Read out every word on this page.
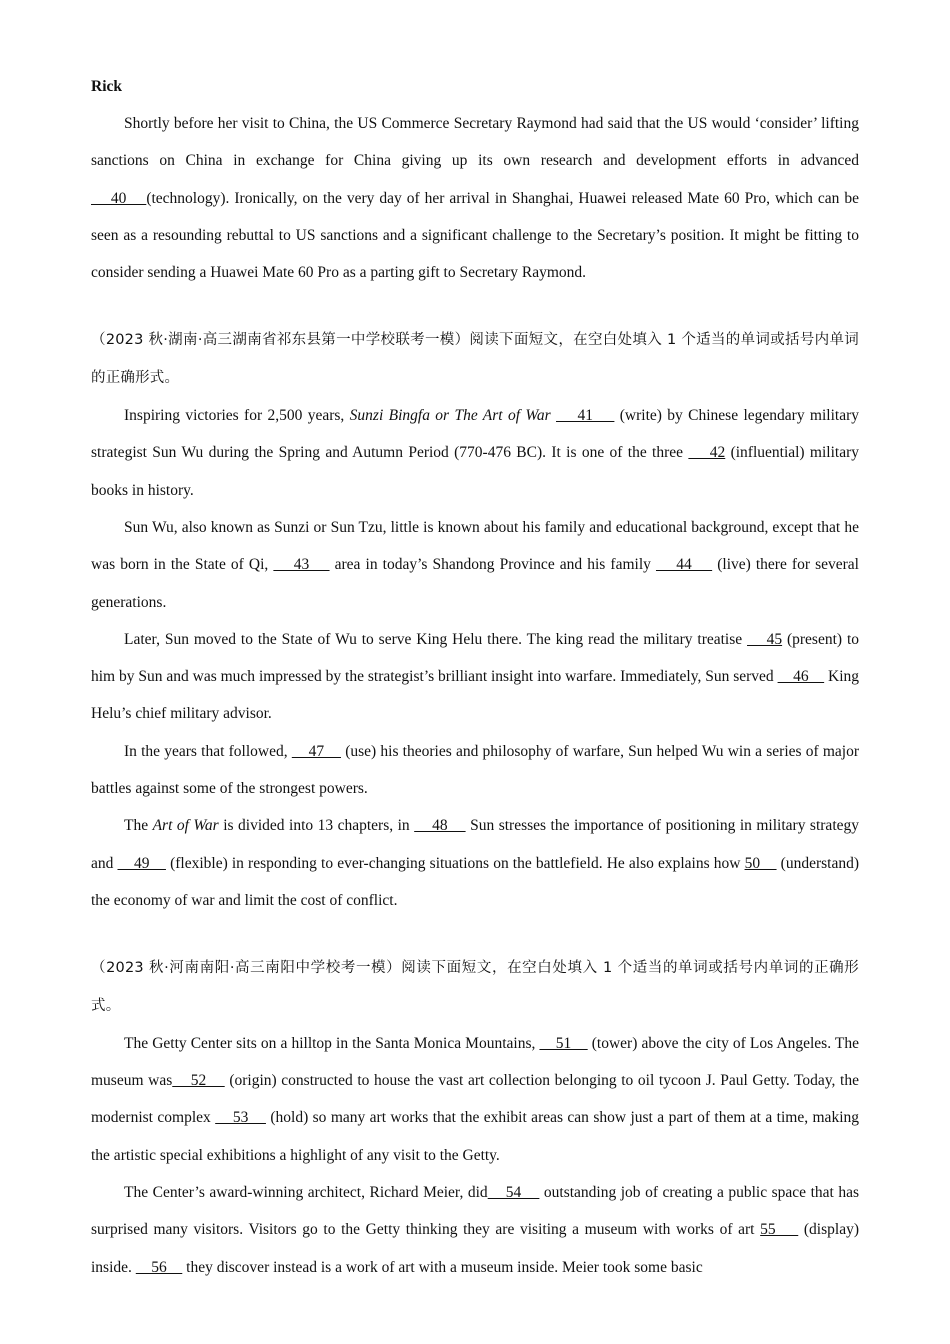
Rick

Shortly before her visit to China, the US Commerce Secretary Raymond had said that the US would ‘consider’ lifting sanctions on China in exchange for China giving up its own research and development efforts in advanced    40    (technology). Ironically, on the very day of her arrival in Shanghai, Huawei released Mate 60 Pro, which can be seen as a resounding rebuttal to US sanctions and a significant challenge to the Secretary’s position. It might be fitting to consider sending a Huawei Mate 60 Pro as a parting gift to Secretary Raymond.

（2023 秋·湖南·高三湖南省祁东县第一中学校联考一模）阅读下面短文，在空白处填入 1 个适当的单词或括号内单词的正确形式。

Inspiring victories for 2,500 years, Sunzi Bingfa or The Art of War     41     (write) by Chinese legendary military strategist Sun Wu during the Spring and Autumn Period (770-476 BC). It is one of the three     42 (influential) military books in history.

Sun Wu, also known as Sunzi or Sun Tzu, little is known about his family and educational background, except that he was born in the State of Qi,     43     area in today’s Shandong Province and his family     44     (live) there for several generations.

Later, Sun moved to the State of Wu to serve King Helu there. The king read the military treatise     45 (present) to him by Sun and was much impressed by the strategist’s brilliant insight into warfare. Immediately, Sun served     46     King Helu’s chief military advisor.

In the years that followed,     47     (use) his theories and philosophy of warfare, Sun helped Wu win a series of major battles against some of the strongest powers.

The Art of War is divided into 13 chapters, in     48     Sun stresses the importance of positioning in military strategy and     49     (flexible) in responding to ever-changing situations on the battlefield. He also explains how 50     (understand) the economy of war and limit the cost of conflict.

（2023 秋·河南南阳·高三南阳中学校考一模）阅读下面短文，在空白处填入 1 个适当的单词或括号内单词的正确形式。

The Getty Center sits on a hilltop in the Santa Monica Mountains,     51     (tower) above the city of Los Angeles. The museum was    52     (origin) constructed to house the vast art collection belonging to oil tycoon J. Paul Getty. Today, the modernist complex     53     (hold) so many art works that the exhibit areas can show just a part of them at a time, making the artistic special exhibitions a highlight of any visit to the Getty.

The Center’s award-winning architect, Richard Meier, did    54     outstanding job of creating a public space that has surprised many visitors. Visitors go to the Getty thinking they are visiting a museum with works of art 55     (display) inside.     56     they discover instead is a work of art with a museum inside. Meier took some basic
